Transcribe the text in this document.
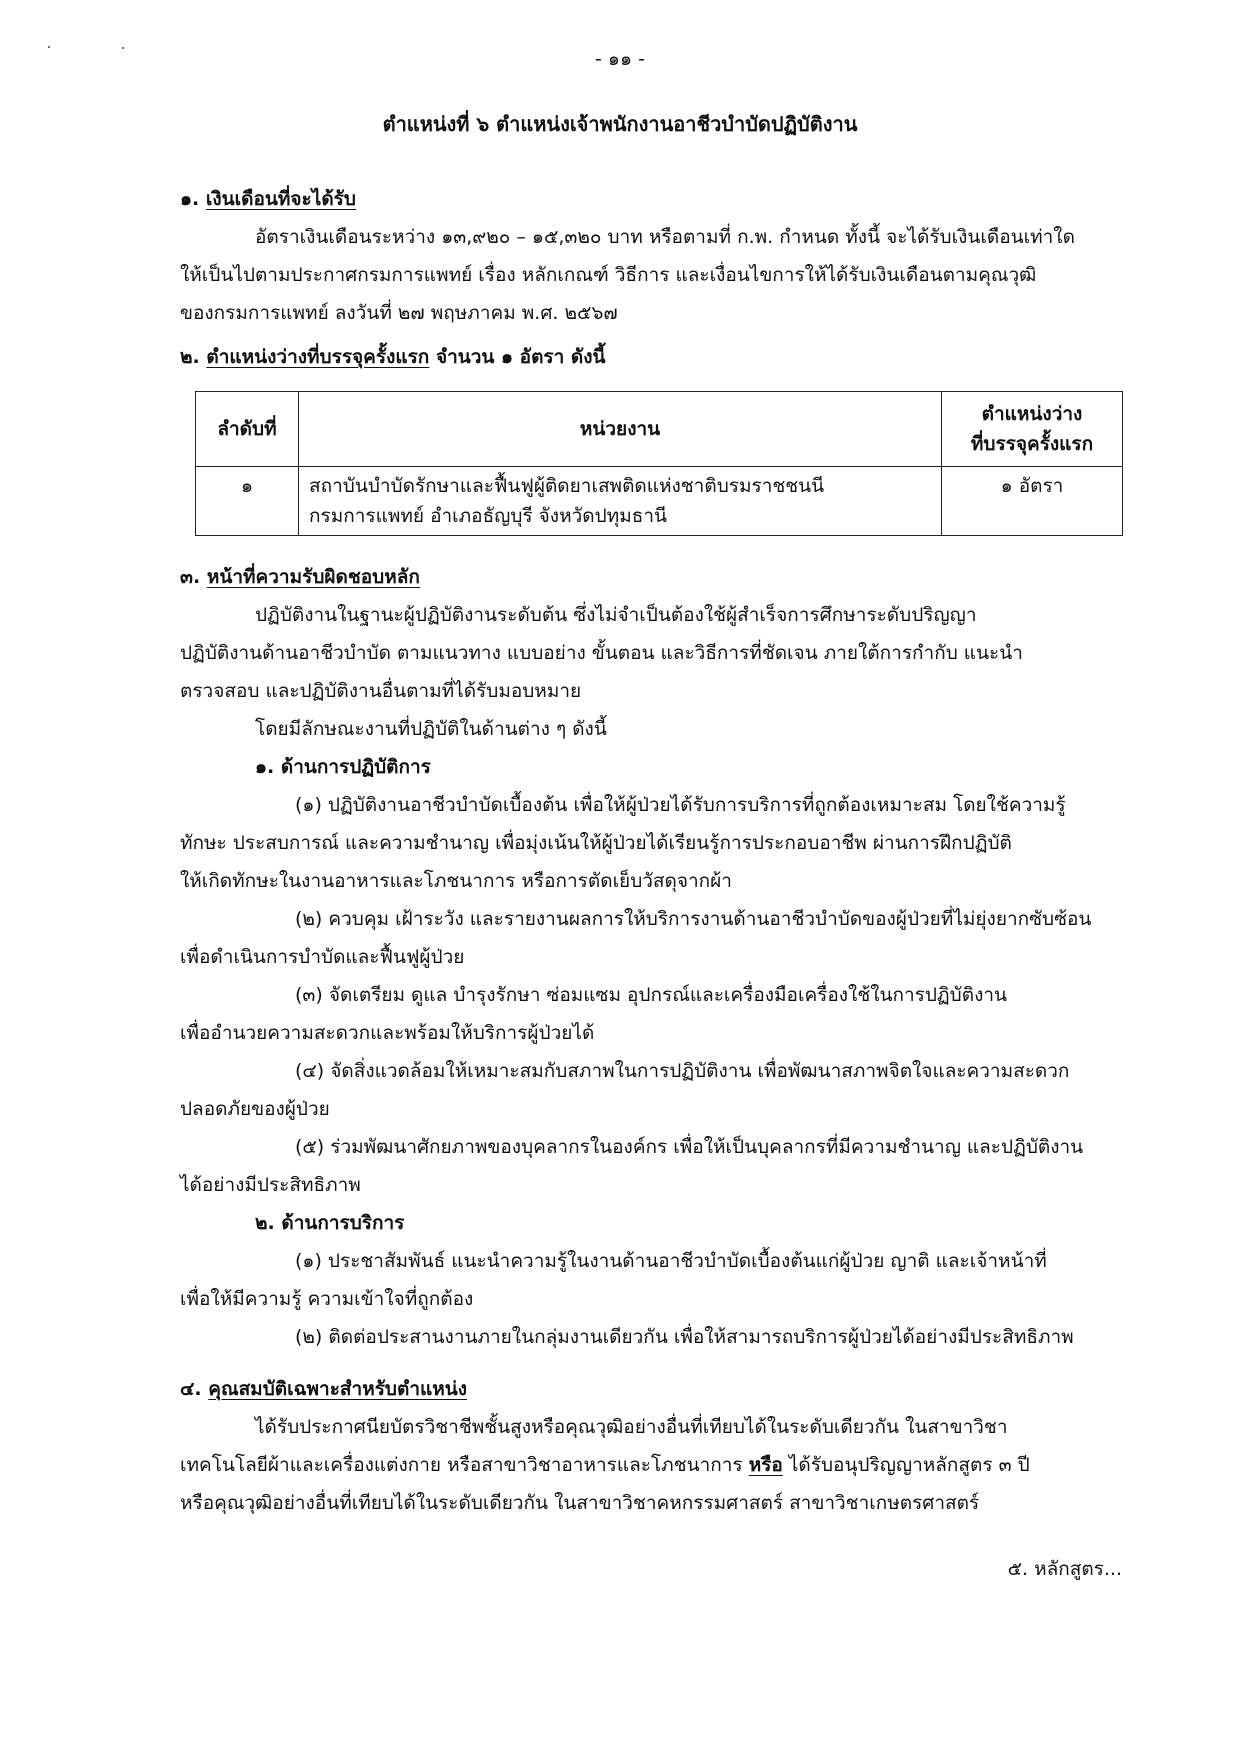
- ๑๑ -
ตำแหน่งที่ ๖ ตำแหน่งเจ้าพนักงานอาชีวบำบัดปฏิบัติงาน
๑. เงินเดือนที่จะได้รับ
อัตราเงินเดือนระหว่าง ๑๓,๙๒๐ – ๑๕,๓๒๐ บาท หรือตามที่ ก.พ. กำหนด ทั้งนี้ จะได้รับเงินเดือนเท่าใด
ให้เป็นไปตามประกาศกรมการแพทย์ เรื่อง หลักเกณฑ์ วิธีการ และเงื่อนไขการให้ได้รับเงินเดือนตามคุณวุฒิ
ของกรมการแพทย์ ลงวันที่ ๒๗ พฤษภาคม พ.ศ. ๒๕๖๗
๒. ตำแหน่งว่างที่บรรจุครั้งแรก จำนวน ๑ อัตรา ดังนี้
ลำดับที่	หน่วยงาน	ตำแหน่งว่าง
ที่บรรจุครั้งแรก

๑	สถาบันบำบัดรักษาและฟื้นฟูผู้ติดยาเสพติดแห่งชาติบรมราชชนนี
กรมการแพทย์ อำเภอธัญบุรี จังหวัดปทุมธานี	๑ อัตรา
๓. หน้าที่ความรับผิดชอบหลัก
ปฏิบัติงานในฐานะผู้ปฏิบัติงานระดับต้น ซึ่งไม่จำเป็นต้องใช้ผู้สำเร็จการศึกษาระดับปริญญา
ปฏิบัติงานด้านอาชีวบำบัด ตามแนวทาง แบบอย่าง ขั้นตอน และวิธีการที่ชัดเจน ภายใต้การกำกับ แนะนำ
ตรวจสอบ และปฏิบัติงานอื่นตามที่ได้รับมอบหมาย
โดยมีลักษณะงานที่ปฏิบัติในด้านต่าง ๆ ดังนี้
๑. ด้านการปฏิบัติการ
(๑) ปฏิบัติงานอาชีวบำบัดเบื้องต้น เพื่อให้ผู้ป่วยได้รับการบริการที่ถูกต้องเหมาะสม โดยใช้ความรู้
ทักษะ ประสบการณ์ และความชำนาญ เพื่อมุ่งเน้นให้ผู้ป่วยได้เรียนรู้การประกอบอาชีพ ผ่านการฝึกปฏิบัติ
ให้เกิดทักษะในงานอาหารและโภชนาการ หรือการตัดเย็บวัสดุจากผ้า
(๒) ควบคุม เฝ้าระวัง และรายงานผลการให้บริการงานด้านอาชีวบำบัดของผู้ป่วยที่ไม่ยุ่งยากซับซ้อน
เพื่อดำเนินการบำบัดและฟื้นฟูผู้ป่วย
(๓) จัดเตรียม ดูแล บำรุงรักษา ซ่อมแซม อุปกรณ์และเครื่องมือเครื่องใช้ในการปฏิบัติงาน
เพื่ออำนวยความสะดวกและพร้อมให้บริการผู้ป่วยได้
(๔) จัดสิ่งแวดล้อมให้เหมาะสมกับสภาพในการปฏิบัติงาน เพื่อพัฒนาสภาพจิตใจและความสะดวก
ปลอดภัยของผู้ป่วย
(๕) ร่วมพัฒนาศักยภาพของบุคลากรในองค์กร เพื่อให้เป็นบุคลากรที่มีความชำนาญ และปฏิบัติงาน
ได้อย่างมีประสิทธิภาพ
๒. ด้านการบริการ
(๑) ประชาสัมพันธ์ แนะนำความรู้ในงานด้านอาชีวบำบัดเบื้องต้นแก่ผู้ป่วย ญาติ และเจ้าหน้าที่
เพื่อให้มีความรู้ ความเข้าใจที่ถูกต้อง
(๒) ติดต่อประสานงานภายในกลุ่มงานเดียวกัน เพื่อให้สามารถบริการผู้ป่วยได้อย่างมีประสิทธิภาพ
๔. คุณสมบัติเฉพาะสำหรับตำแหน่ง
ได้รับประกาศนียบัตรวิชาชีพชั้นสูงหรือคุณวุฒิอย่างอื่นที่เทียบได้ในระดับเดียวกัน ในสาขาวิชา
เทคโนโลยีผ้าและเครื่องแต่งกาย หรือสาขาวิชาอาหารและโภชนาการ หรือ ได้รับอนุปริญญาหลักสูตร ๓ ปี
หรือคุณวุฒิอย่างอื่นที่เทียบได้ในระดับเดียวกัน ในสาขาวิชาคหกรรมศาสตร์ สาขาวิชาเกษตรศาสตร์
๕. หลักสูตร...
